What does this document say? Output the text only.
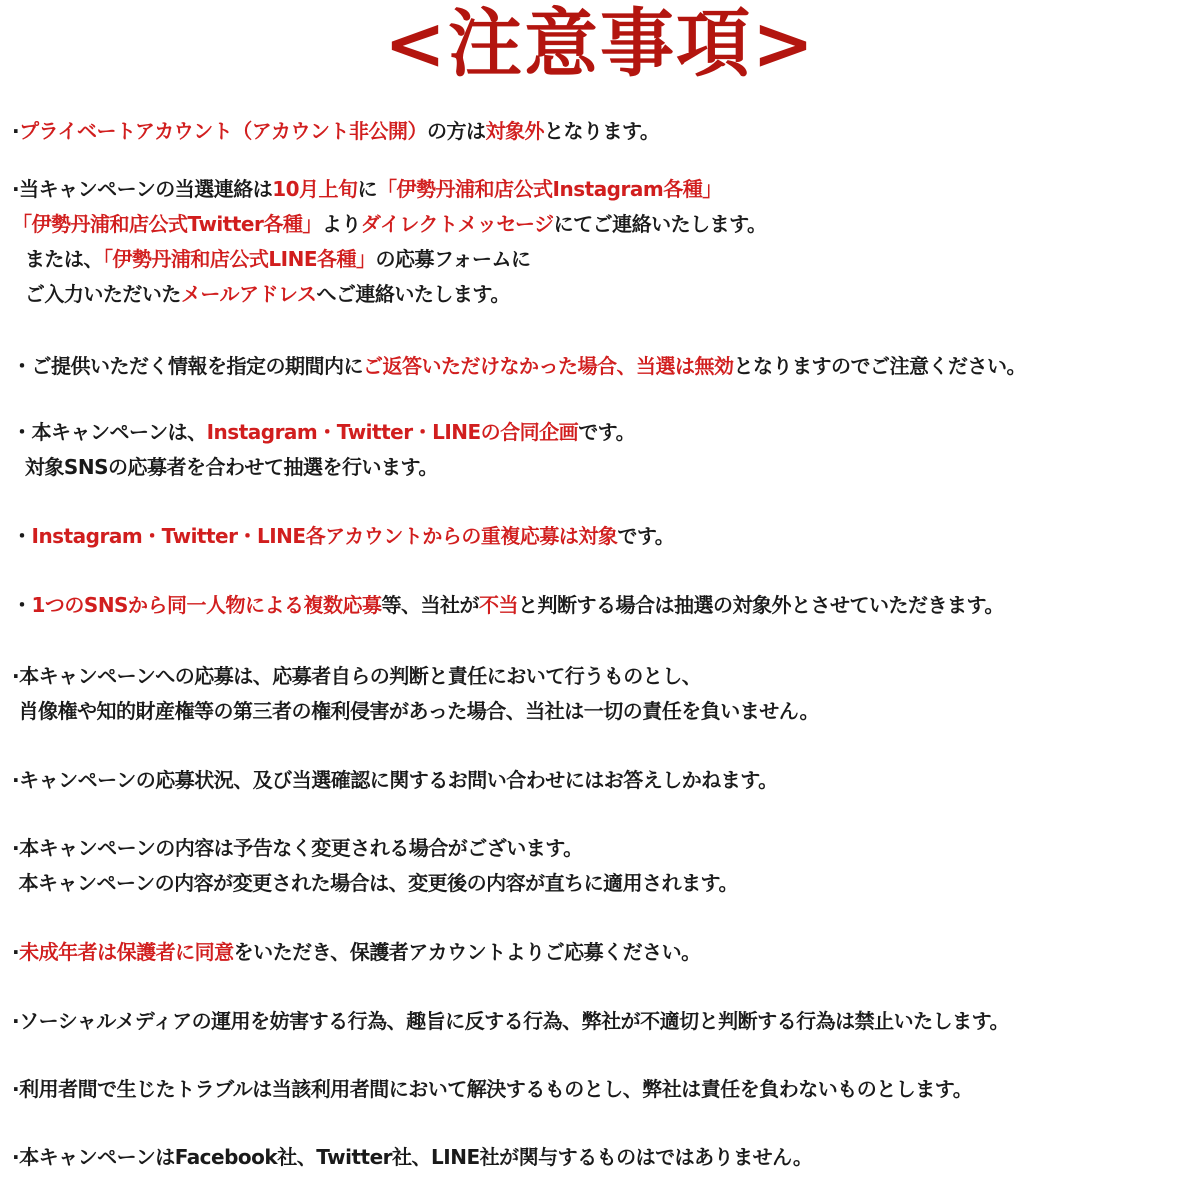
<注意事項>
·プライベートアカウント（アカウント非公開）の方は対象外となります。
·当キャンペーンの当選連絡は10月上旬に「伊勢丹浦和店公式Instagram各種」
「伊勢丹浦和店公式Twitter各種」よりダイレクトメッセージにてご連絡いたします。
または、「伊勢丹浦和店公式LINE各種」の応募フォームに
ご入力いただいたメールアドレスへご連絡いたします。
・ご提供いただく情報を指定の期間内にご返答いただけなかった場合、当選は無効となりますのでご注意ください。
・本キャンペーンは、Instagram・Twitter・LINEの合同企画です。
対象SNSの応募者を合わせて抽選を行います。
・Instagram・Twitter・LINE各アカウントからの重複応募は対象です。
・1つのSNSから同一人物による複数応募等、当社が不当と判断する場合は抽選の対象外とさせていただきます。
·本キャンペーンへの応募は、応募者自らの判断と責任において行うものとし、
肖像権や知的財産権等の第三者の権利侵害があった場合、当社は一切の責任を負いません。
·キャンペーンの応募状況、及び当選確認に関するお問い合わせにはお答えしかねます。
·本キャンペーンの内容は予告なく変更される場合がございます。
本キャンペーンの内容が変更された場合は、変更後の内容が直ちに適用されます。
·未成年者は保護者に同意をいただき、保護者アカウントよりご応募ください。
·ソーシャルメディアの運用を妨害する行為、趣旨に反する行為、弊社が不適切と判断する行為は禁止いたします。
·利用者間で生じたトラブルは当該利用者間において解決するものとし、弊社は責任を負わないものとします。
·本キャンペーンはFacebook社、Twitter社、LINE社が関与するものはではありません。
